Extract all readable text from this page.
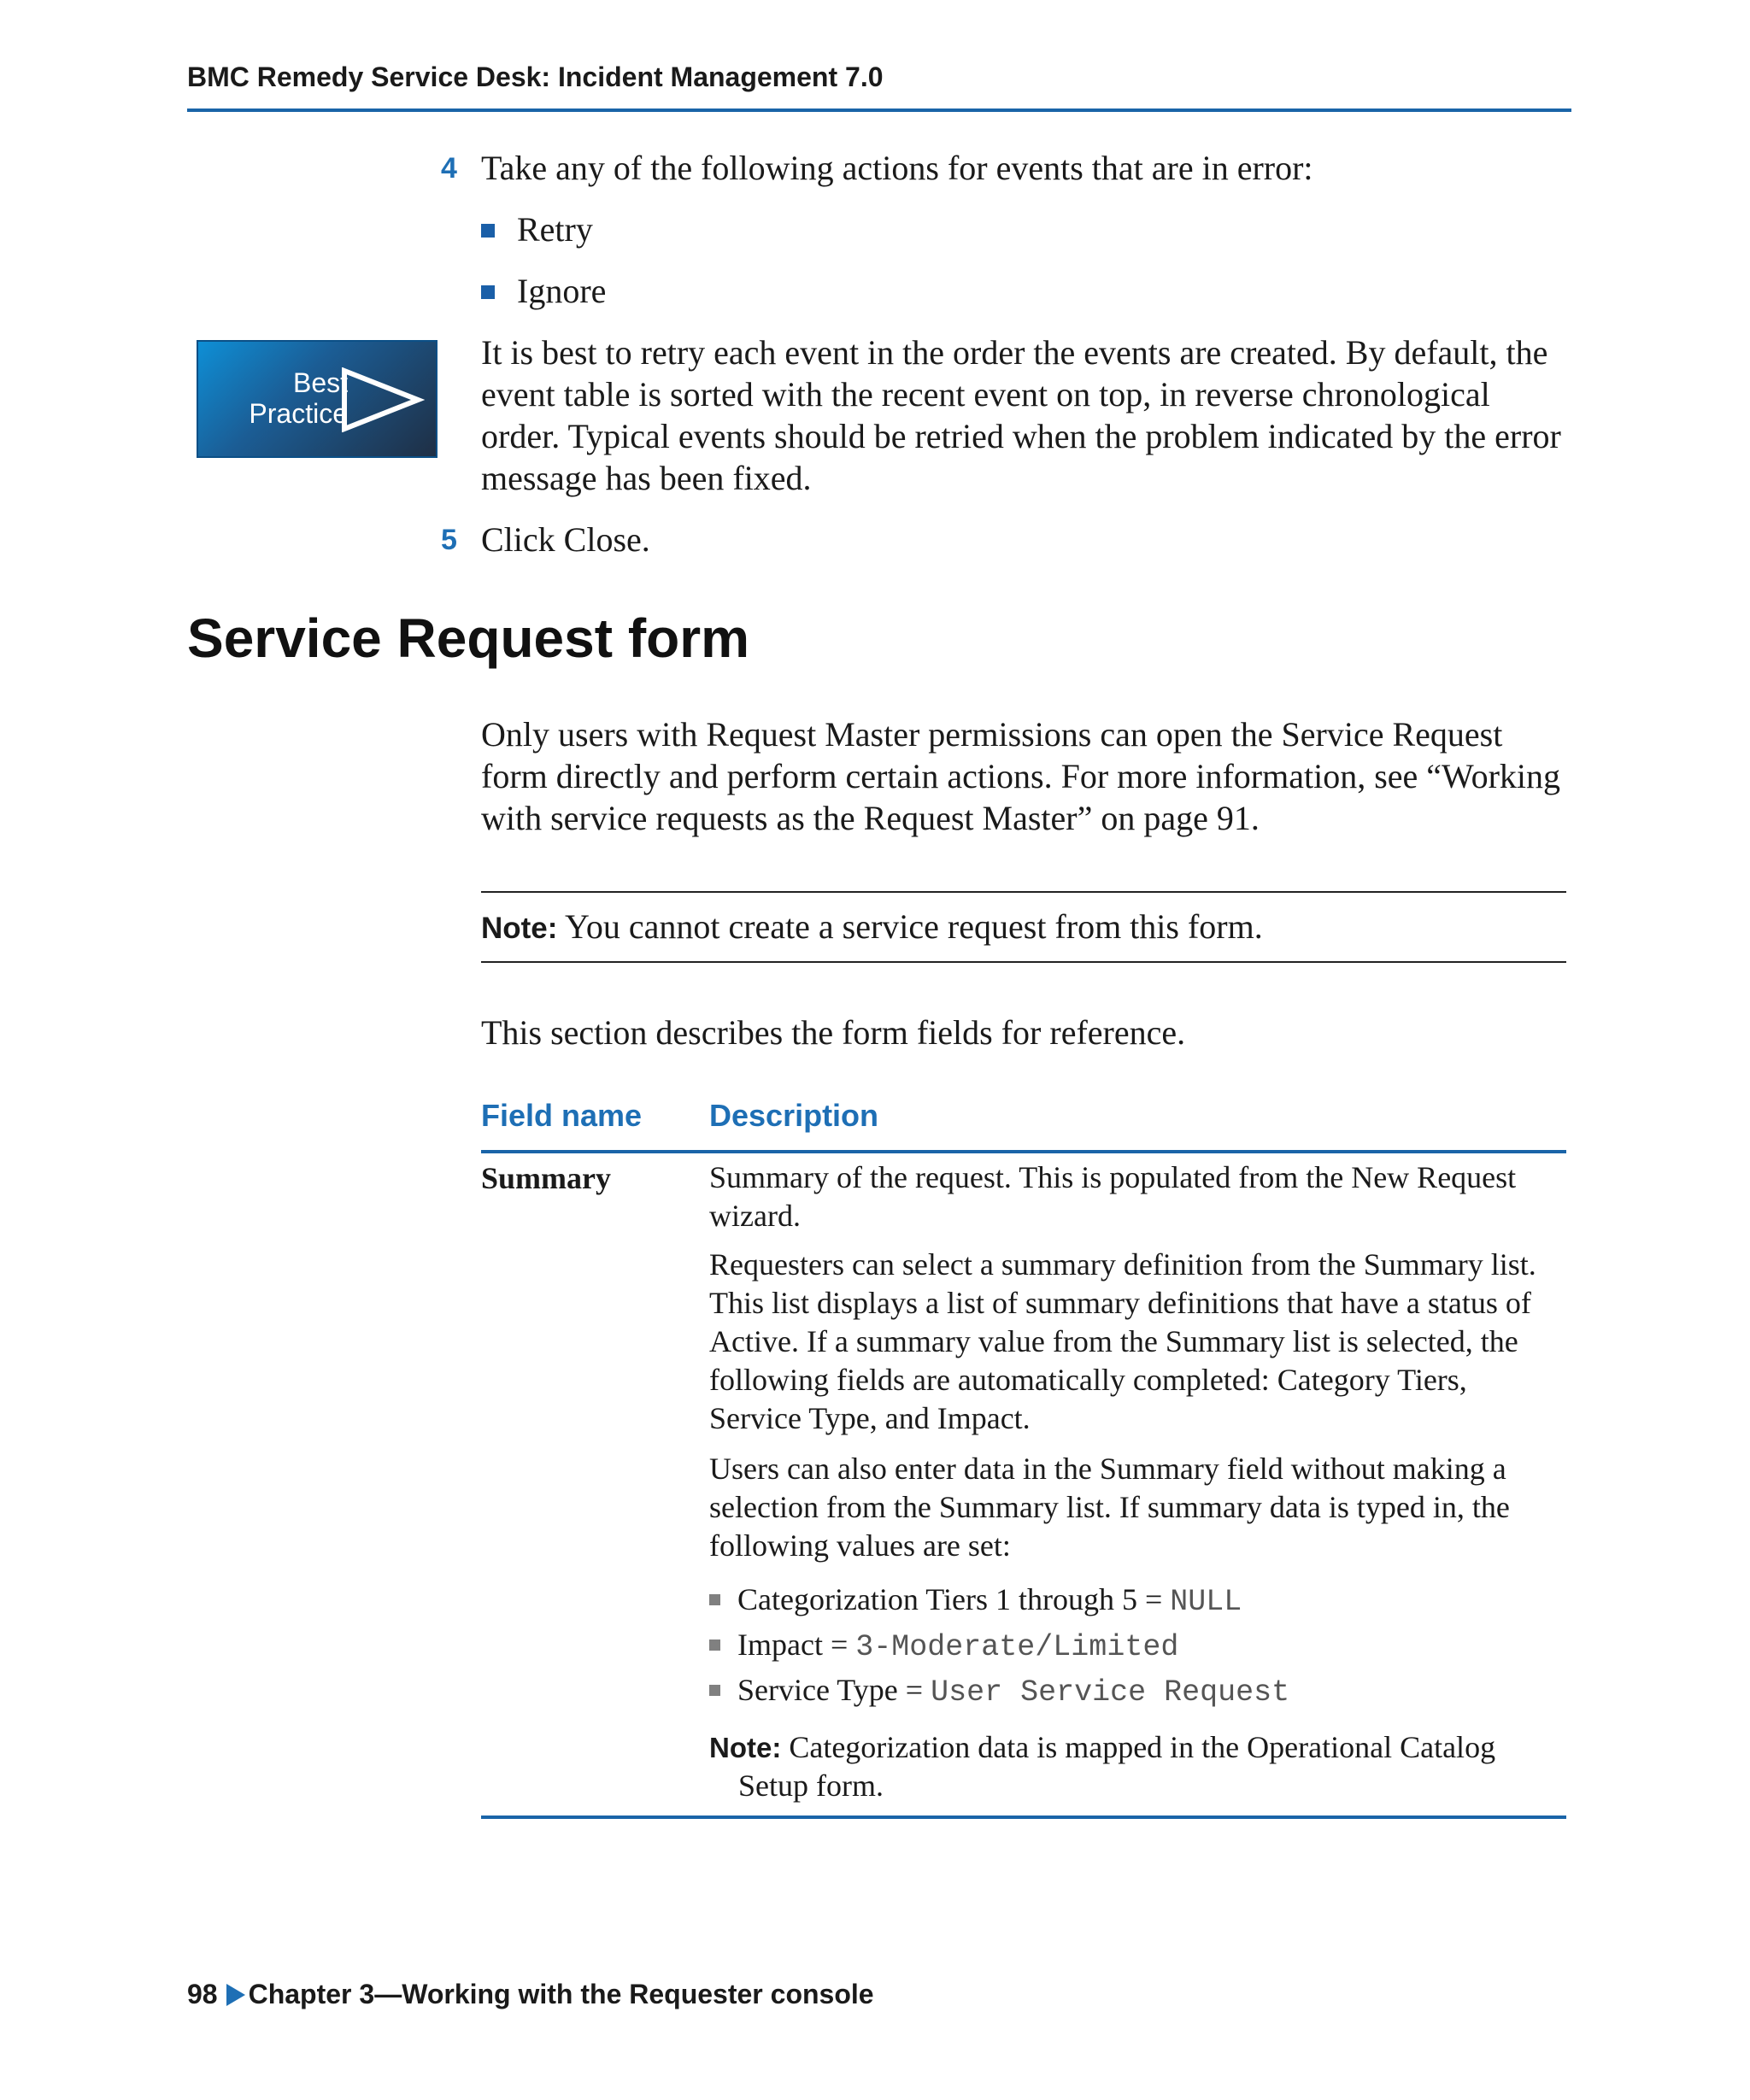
BMC Remedy Service Desk: Incident Management 7.0
4 Take any of the following actions for events that are in error:
Retry
Ignore
Best
Practice

It is best to retry each event in the order the events are created. By default, the event table is sorted with the recent event on top, in reverse chronological order. Typical events should be retried when the problem indicated by the error message has been fixed.

5 Click Close.
Service Request form

Only users with Request Master permissions can open the Service Request form directly and perform certain actions. For more information, see “Working with service requests as the Request Master” on page 91.

Note: You cannot create a service request from this form.

This section describes the form fields for reference.

Field name Description
Summary	Summary of the request. This is populated from the New Request wizard.

Requesters can select a summary definition from the Summary list. This list displays a list of summary definitions that have a status of Active. If a summary value from the Summary list is selected, the following fields are automatically completed: Category Tiers, Service Type, and Impact.

Users can also enter data in the Summary field without making a selection from the Summary list. If summary data is typed in, the following values are set:

Categorization Tiers 1 through 5 = NULL
Impact = 3-Moderate/Limited
Service Type = User Service Request
Note: Categorization data is mapped in the Operational Catalog
Setup form.
98 Chapter 3—Working with the Requester console
